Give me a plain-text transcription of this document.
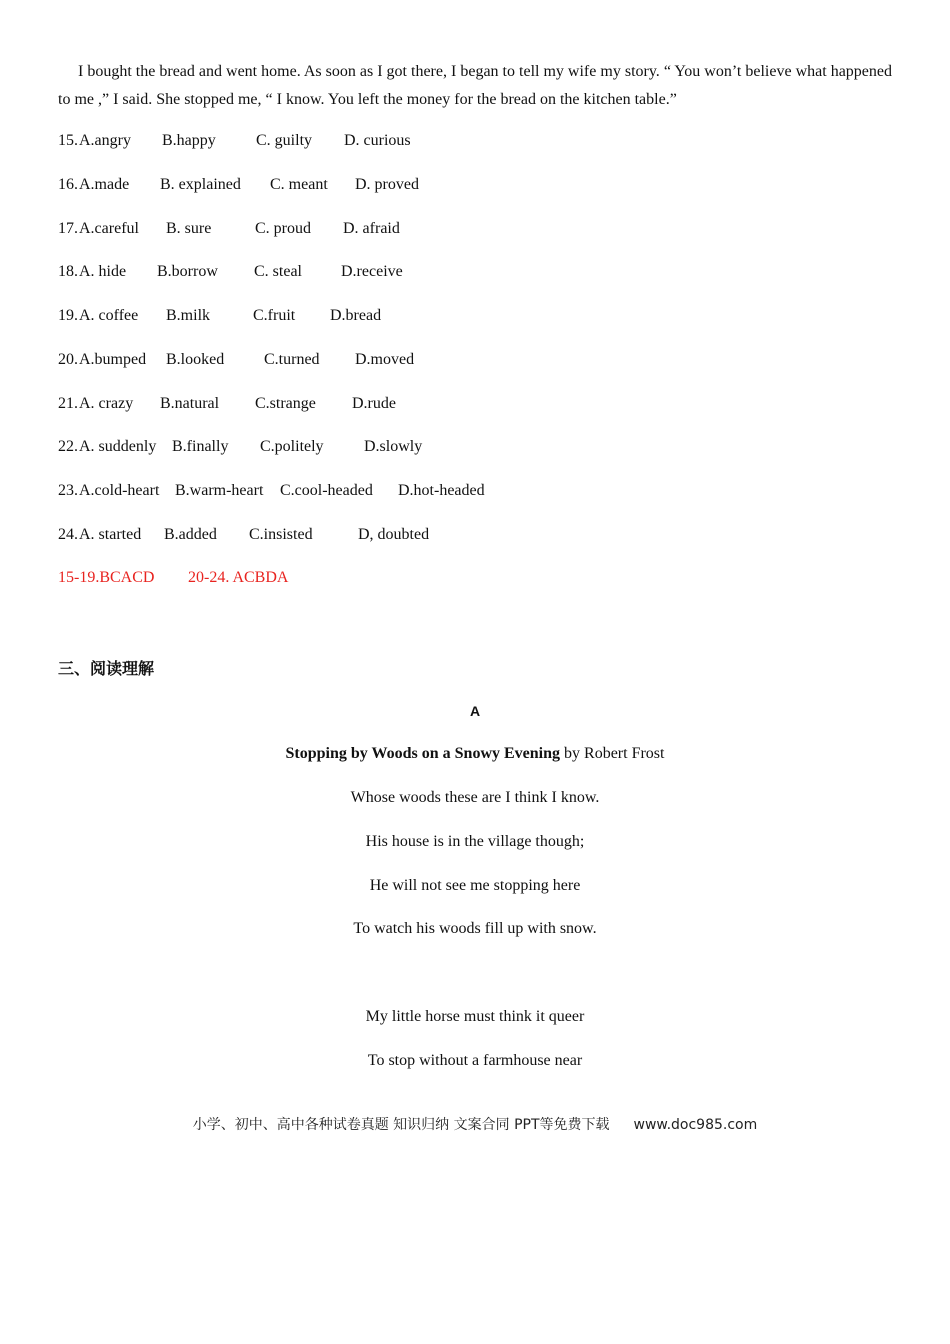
I bought the bread and went home. As soon as I got there, I began to tell my wife my story. “ You won’t believe what happened to me ,” I said. She stopped me, “ I know. You left the money for the bread on the kitchen table.”

15.

A.angry

B.happy

	C. guilty

D. curious

16.

A.made

B. explained

C. meant

D. proved

17.

A.careful

B. sure

	C. proud

D. afraid

18.

A. hide

B.borrow

C. steal

D.receive

19.

A. coffee

B.milk

	C.fruit

D.bread

20.

A.bumped

B.looked

C.turned

D.moved

21.

A. crazy

B.natural

C.strange

D.rude

22.

A. suddenly

B.finally

C.politely

	D.slowly

23.

A.cold-heart

B.warm-heart

C.cool-headed

D.hot-headed

24.

A. started

B.added

C.insisted

	D, doubted

15-19.BCACD

20-24. ACBDA

三、阅读理解
A
Stopping by Woods on a Snowy Evening by Robert Frost
Whose woods these are I think I know.
His house is in the village though;
He will not see me stopping here
To watch his woods fill up with snow.
My little horse must think it queer
To stop without a farmhouse near
小学、初中、高中各种试卷真题 知识归纳 文案合同 PPT等免费下载 www.doc985.com
